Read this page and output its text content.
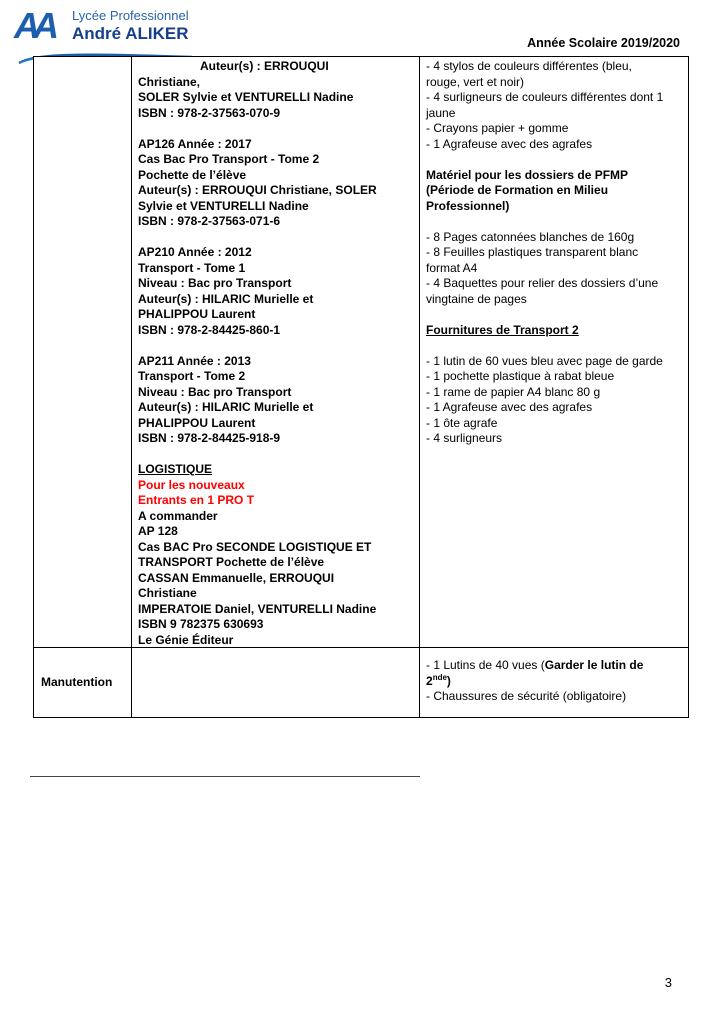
AA	Lycée Professionnel
André ALIKER	Année Scolaire 2019/2020
Auteur(s) : ERROUQUI
Christiane,
SOLER Sylvie et VENTURELLI Nadine
ISBN : 978-2-37563-070-9

AP126 Année : 2017
Cas Bac Pro Transport - Tome 2
Pochette de l’élève
Auteur(s) : ERROUQUI Christiane, SOLER
Sylvie et VENTURELLI Nadine
ISBN : 978-2-37563-071-6

AP210 Année : 2012
Transport - Tome 1
Niveau : Bac pro Transport
Auteur(s) : HILARIC Murielle et
PHALIPPOU Laurent
ISBN : 978-2-84425-860-1

AP211 Année : 2013
Transport - Tome 2
Niveau : Bac pro Transport
Auteur(s) : HILARIC Murielle et
PHALIPPOU Laurent
ISBN : 978-2-84425-918-9

LOGISTIQUE
Pour les nouveaux
Entrants en 1 PRO T
A commander
AP 128
Cas BAC Pro SECONDE LOGISTIQUE ET
TRANSPORT Pochette de l’élève
CASSAN Emmanuelle, ERROUQUI
Christiane
IMPERATOIE Daniel, VENTURELLI Nadine
ISBN 9 782375 630693
Le Génie Éditeur
- 4 stylos de couleurs différentes (bleu,
rouge, vert et noir)
- 4 surligneurs de couleurs différentes dont 1
jaune
- Crayons papier + gomme
- 1 Agrafeuse avec des agrafes

Matériel pour les dossiers de PFMP
(Période de Formation en Milieu
Professionnel)

- 8 Pages catonnées blanches de 160g
- 8 Feuilles plastiques transparent blanc
format A4
- 4 Baquettes pour relier des dossiers d’une
vingtaine de pages

Fournitures de Transport 2

- 1 lutin de 60 vues bleu avec page de garde
- 1 pochette plastique à rabat bleue
- 1 rame de papier A4 blanc 80 g
- 1 Agrafeuse avec des agrafes
- 1 ôte agrafe
- 4 surligneurs
Manutention
- 1 Lutins de 40 vues (Garder le lutin de
2nde)
- Chaussures de sécurité (obligatoire)
3
